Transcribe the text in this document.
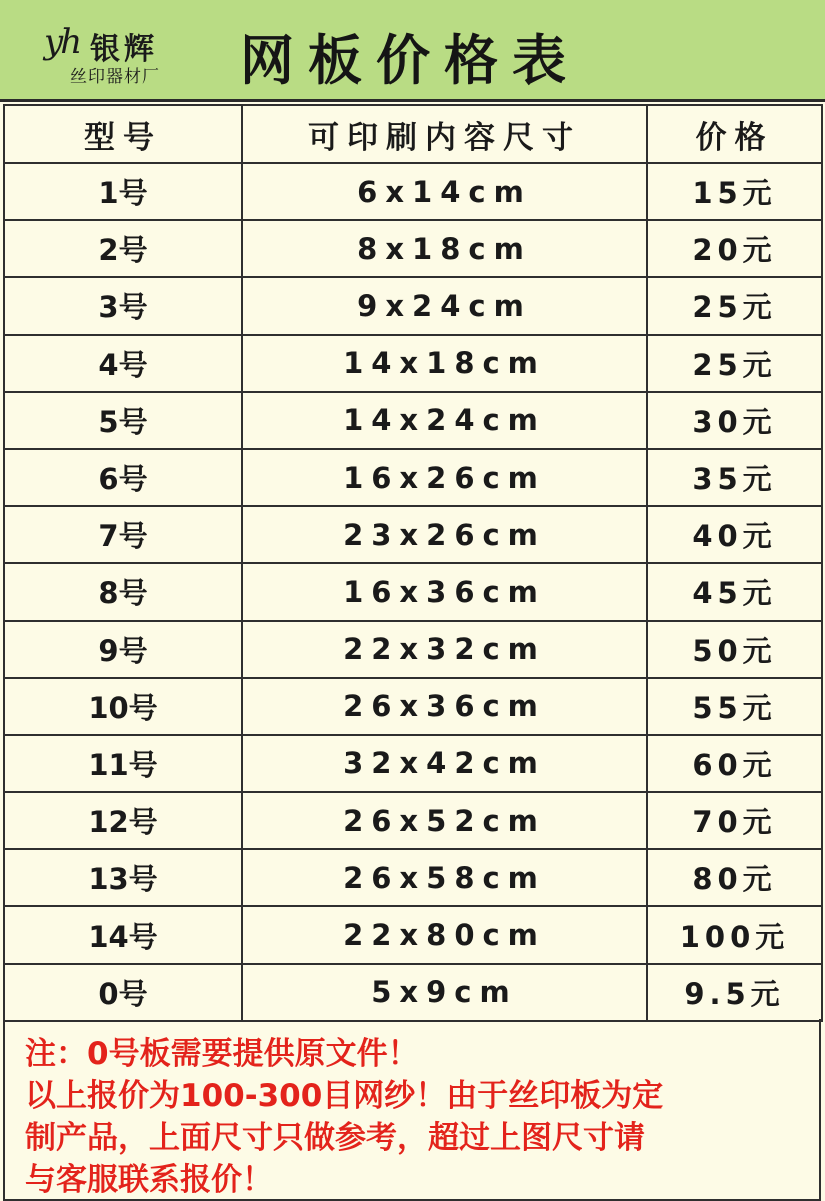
yh 银辉
丝印器材厂 网板价格表
型号	可印刷内容尺寸	价格
1号	6x14cm	15元
2号	8x18cm	20元
3号	9x24cm	25元
4号	14x18cm	25元
5号	14x24cm	30元
6号	16x26cm	35元
7号	23x26cm	40元
8号	16x36cm	45元
9号	22x32cm	50元
10号	26x36cm	55元
11号	32x42cm	60元
12号	26x52cm	70元
13号	26x58cm	80元
14号	22x80cm	100元
0号	5x9cm	9.5元
注：0号板需要提供原文件！
以上报价为100-300目网纱！由于丝印板为定
制产品，上面尺寸只做参考，超过上图尺寸请
与客服联系报价！
